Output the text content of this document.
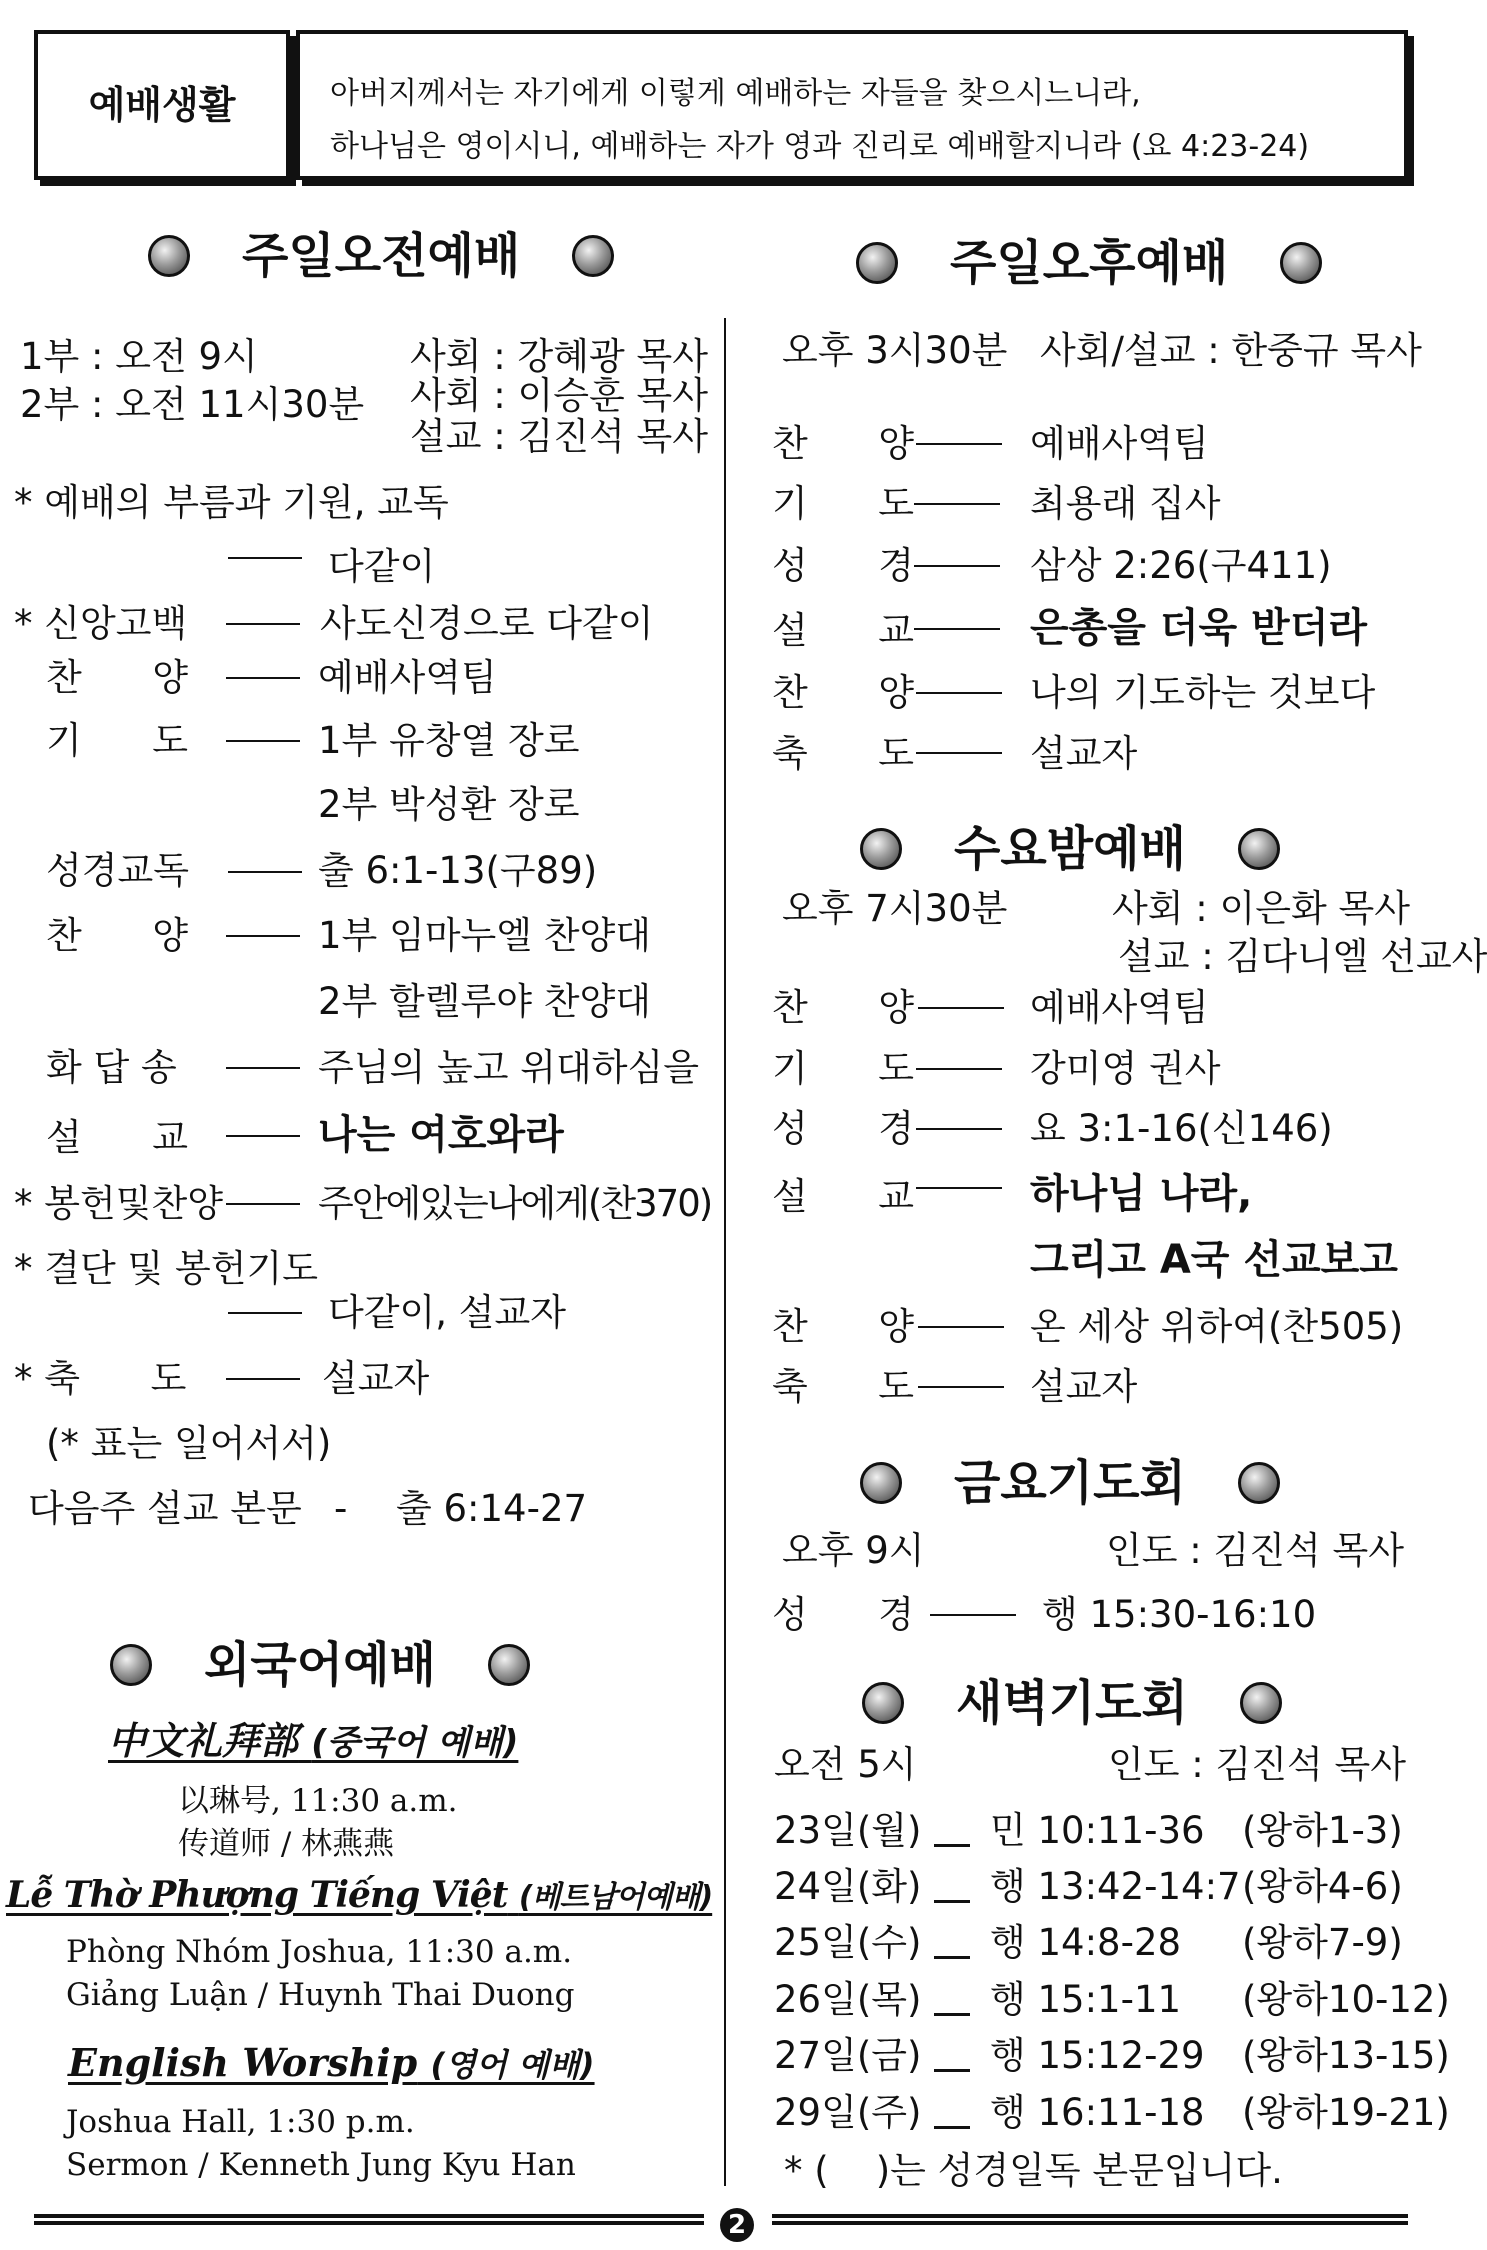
예배생활	아버지께서는 자기에게 이렇게 예배하는 자들을 찾으시느니라,
하나님은 영이시니, 예배하는 자가 영과 진리로 예배할지니라 (요 4:23-24)
주일오전예배
1부 : 오전 9시
2부 : 오전 11시30분
사회 : 강혜광 목사
사회 : 이승훈 목사
설교 : 김진석 목사
* 예배의 부름과 기원, 교독
다같이
* 신앙고백	사도신경으로 다같이
찬      양	예배사역팀
기      도	1부 유창열 장로
2부 박성환 장로
성경교독	출 6:1-13(구89)
찬      양	1부 임마누엘 찬양대
2부 할렐루야 찬양대
화 답 송	주님의 높고 위대하심을
설      교	나는 여호와라
* 봉헌및찬양	주안에있는나에게(찬370)
* 결단 및 봉헌기도
다같이, 설교자
* 축      도	설교자
(* 표는 일어서서)
다음주 설교 본문 - 출 6:14-27
외국어예배
中文礼拜部 (중국어 예배)
以琳号, 11:30 a.m.
传道师 / 林燕燕
Lễ Thờ Phượng Tiếng Việt (베트남어예배)
Phòng Nhóm Joshua, 11:30 a.m.
Giảng Luận / Huynh Thai Duong
English Worship (영어 예배)
Joshua Hall, 1:30 p.m.
Sermon / Kenneth Jung Kyu Han
주일오후예배
오후 3시30분 사회/설교 : 한중규 목사
찬      양	예배사역팀
기      도	최용래 집사
성      경	삼상 2:26(구411)
설      교	은총을 더욱 받더라
찬      양	나의 기도하는 것보다
축      도	설교자
수요밤예배
오후 7시30분	사회 : 이은화 목사
설교 : 김다니엘 선교사
찬      양	예배사역팀
기      도	강미영 권사
성      경	요 3:1-16(신146)
설      교	하나님 나라,
그리고 A국 선교보고
찬      양	온 세상 위하여(찬505)
축      도	설교자
금요기도회
오후 9시	인도 : 김진석 목사
성      경	행 15:30-16:10
새벽기도회
오전 5시	인도 : 김진석 목사
23일(월) 민 10:11-36 (왕하1-3)
24일(화) 행 13:42-14:7 (왕하4-6)
25일(수) 행 14:8-28 (왕하7-9)
26일(목) 행 15:1-11 (왕하10-12)
27일(금) 행 15:12-29 (왕하13-15)
29일(주) 행 16:11-18 (왕하19-21)
* (    )는 성경일독 본문입니다.
2
